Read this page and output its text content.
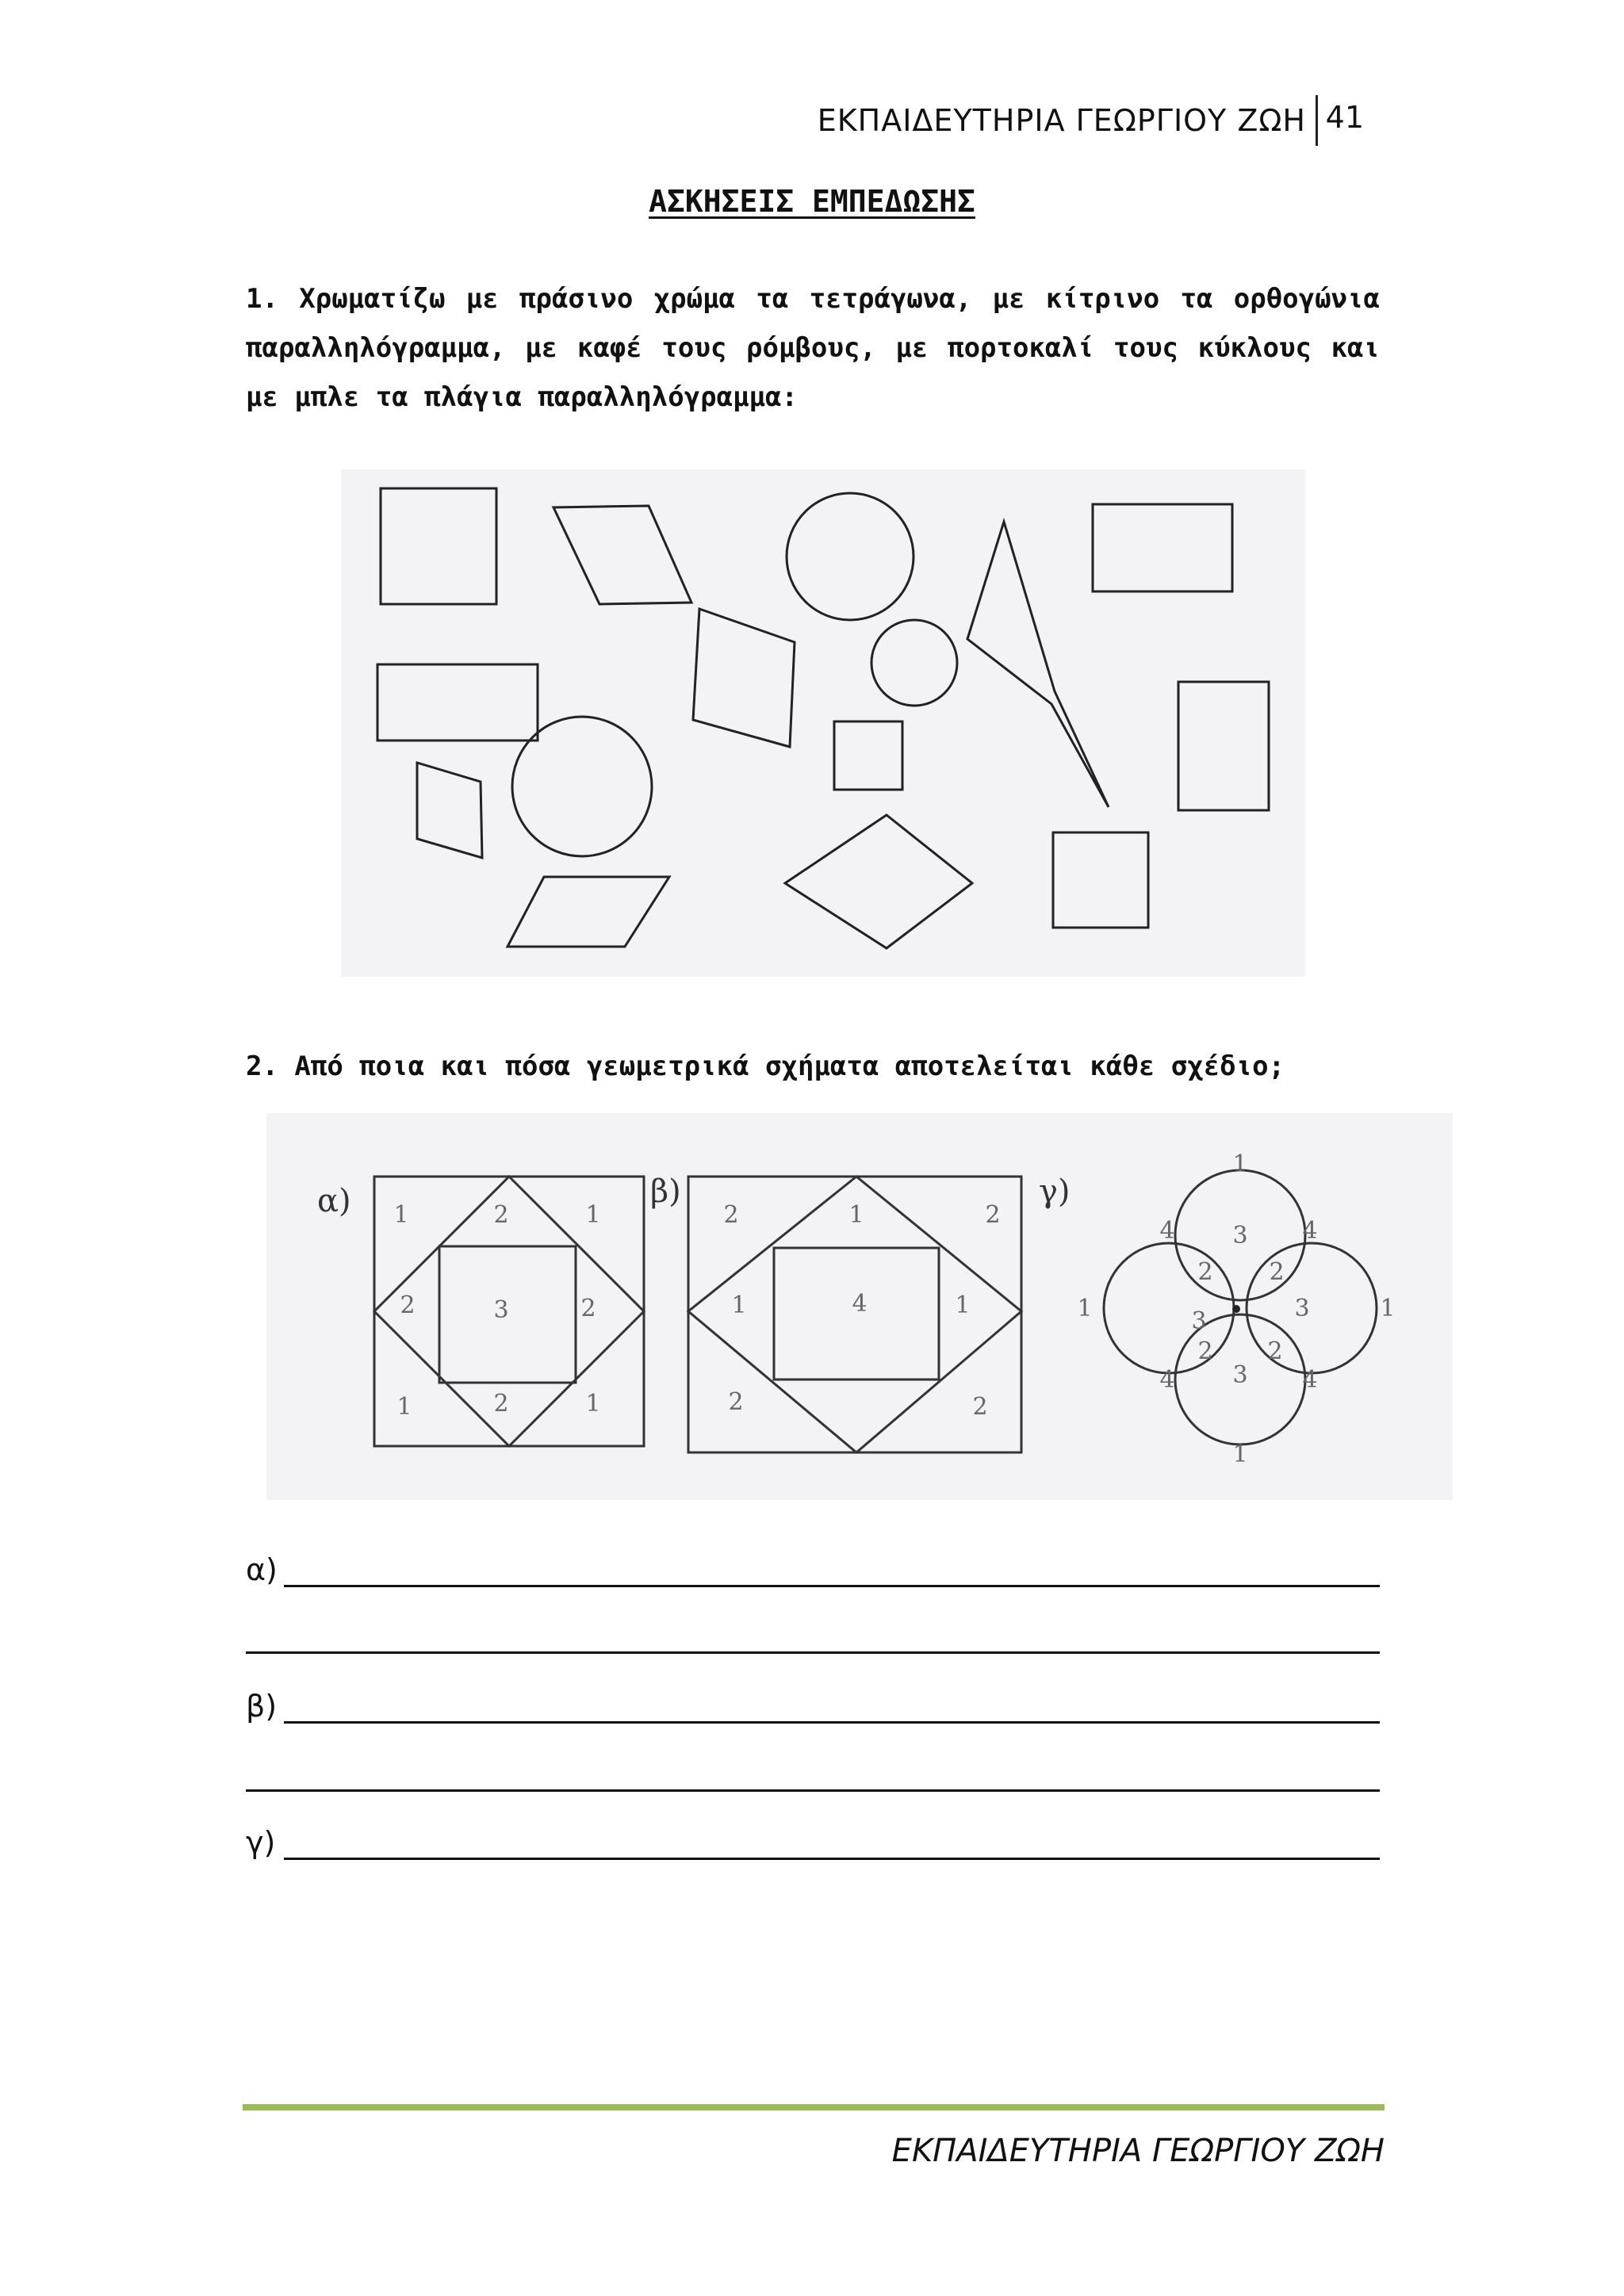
ΕΚΠΑΙΔΕΥΤΗΡΙΑ ΓΕΩΡΓΙΟΥ ΖΩΗ 41
ΑΣΚΗΣΕΙΣ ΕΜΠΕΔΩΣΗΣ
1. Χρωματίζω με πράσινο χρώμα τα τετράγωνα, με κίτρινο τα ορθογώνια παραλληλόγραμμα, με καφέ τους ρόμβους, με πορτοκαλί τους κύκλους και με μπλε τα πλάγια παραλληλόγραμμα:
2. Από ποια και πόσα γεωμετρικά σχήματα αποτελείται κάθε σχέδιο;
α)	β)	γ)
1	2	1
2	3	2
1	2	1
2	1	2
1	4	1
2	2
1
4 3 4
2 2
1	3	3	1
2 2
4 3 4
1
α)
β)
γ)
ΕΚΠΑΙΔΕΥΤΗΡΙΑ ΓΕΩΡΓΙΟΥ ΖΩΗ
